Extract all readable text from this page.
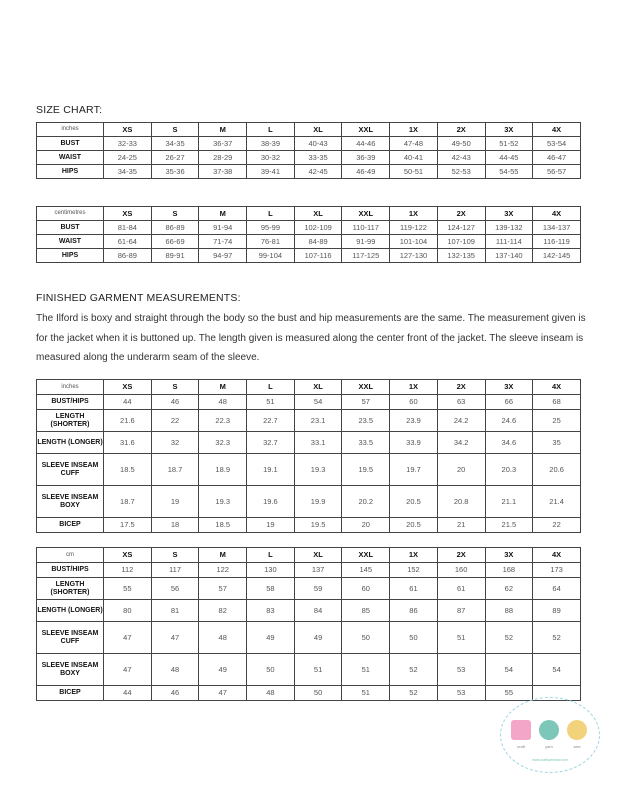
SIZE CHART:
inches	XS	S	M	L	XL	XXL	1X	2X	3X	4X
BUST	32-33	34-35	36-37	38-39	40-43	44-46	47-48	49-50	51-52	53-54
WAIST	24-25	26-27	28-29	30-32	33-35	36-39	40-41	42-43	44-45	46-47
HIPS	34-35	35-36	37-38	39-41	42-45	46-49	50-51	52-53	54-55	56-57
centimetres	XS	S	M	L	XL	XXL	1X	2X	3X	4X
BUST	81-84	86-89	91-94	95-99	102-109	110-117	119-122	124-127	139-132	134-137
WAIST	61-64	66-69	71-74	76-81	84-89	91-99	101-104	107-109	111-114	116-119
HIPS	86-89	89-91	94-97	99-104	107-116	117-125	127-130	132-135	137-140	142-145
FINISHED GARMENT MEASUREMENTS:
The Ilford is boxy and straight through the body so the bust and hip measurements are the same. The measurement given is for the jacket when it is buttoned up. The length given is measured along the center front of the jacket. The sleeve inseam is measured along the underarm seam of the sleeve.
inches	XS	S	M	L	XL	XXL	1X	2X	3X	4X
BUST/HIPS	44	46	48	51	54	57	60	63	66	68
LENGTH (SHORTER)	21.6	22	22.3	22.7	23.1	23.5	23.9	24.2	24.6	25
LENGTH (LONGER)	31.6	32	32.3	32.7	33.1	33.5	33.9	34.2	34.6	35
SLEEVE INSEAM CUFF	18.5	18.7	18.9	19.1	19.3	19.5	19.7	20	20.3	20.6
SLEEVE INSEAM BOXY	18.7	19	19.3	19.6	19.9	20.2	20.5	20.8	21.1	21.4
BICEP	17.5	18	18.5	19	19.5	20	20.5	21	21.5	22
cm	XS	S	M	L	XL	XXL	1X	2X	3X	4X
BUST/HIPS	112	117	122	130	137	145	152	160	168	173
LENGTH (SHORTER)	55	56	57	58	59	60	61	61	62	64
LENGTH (LONGER)	80	81	82	83	84	85	86	87	88	89
SLEEVE INSEAM CUFF	47	47	48	49	49	50	50	51	52	52
SLEEVE INSEAM BOXY	47	48	49	50	51	51	52	53	54	54
BICEP	44	46	47	48	50	51	52	53	55	
craft	yarn	sew
www.craftyarnsew.com
